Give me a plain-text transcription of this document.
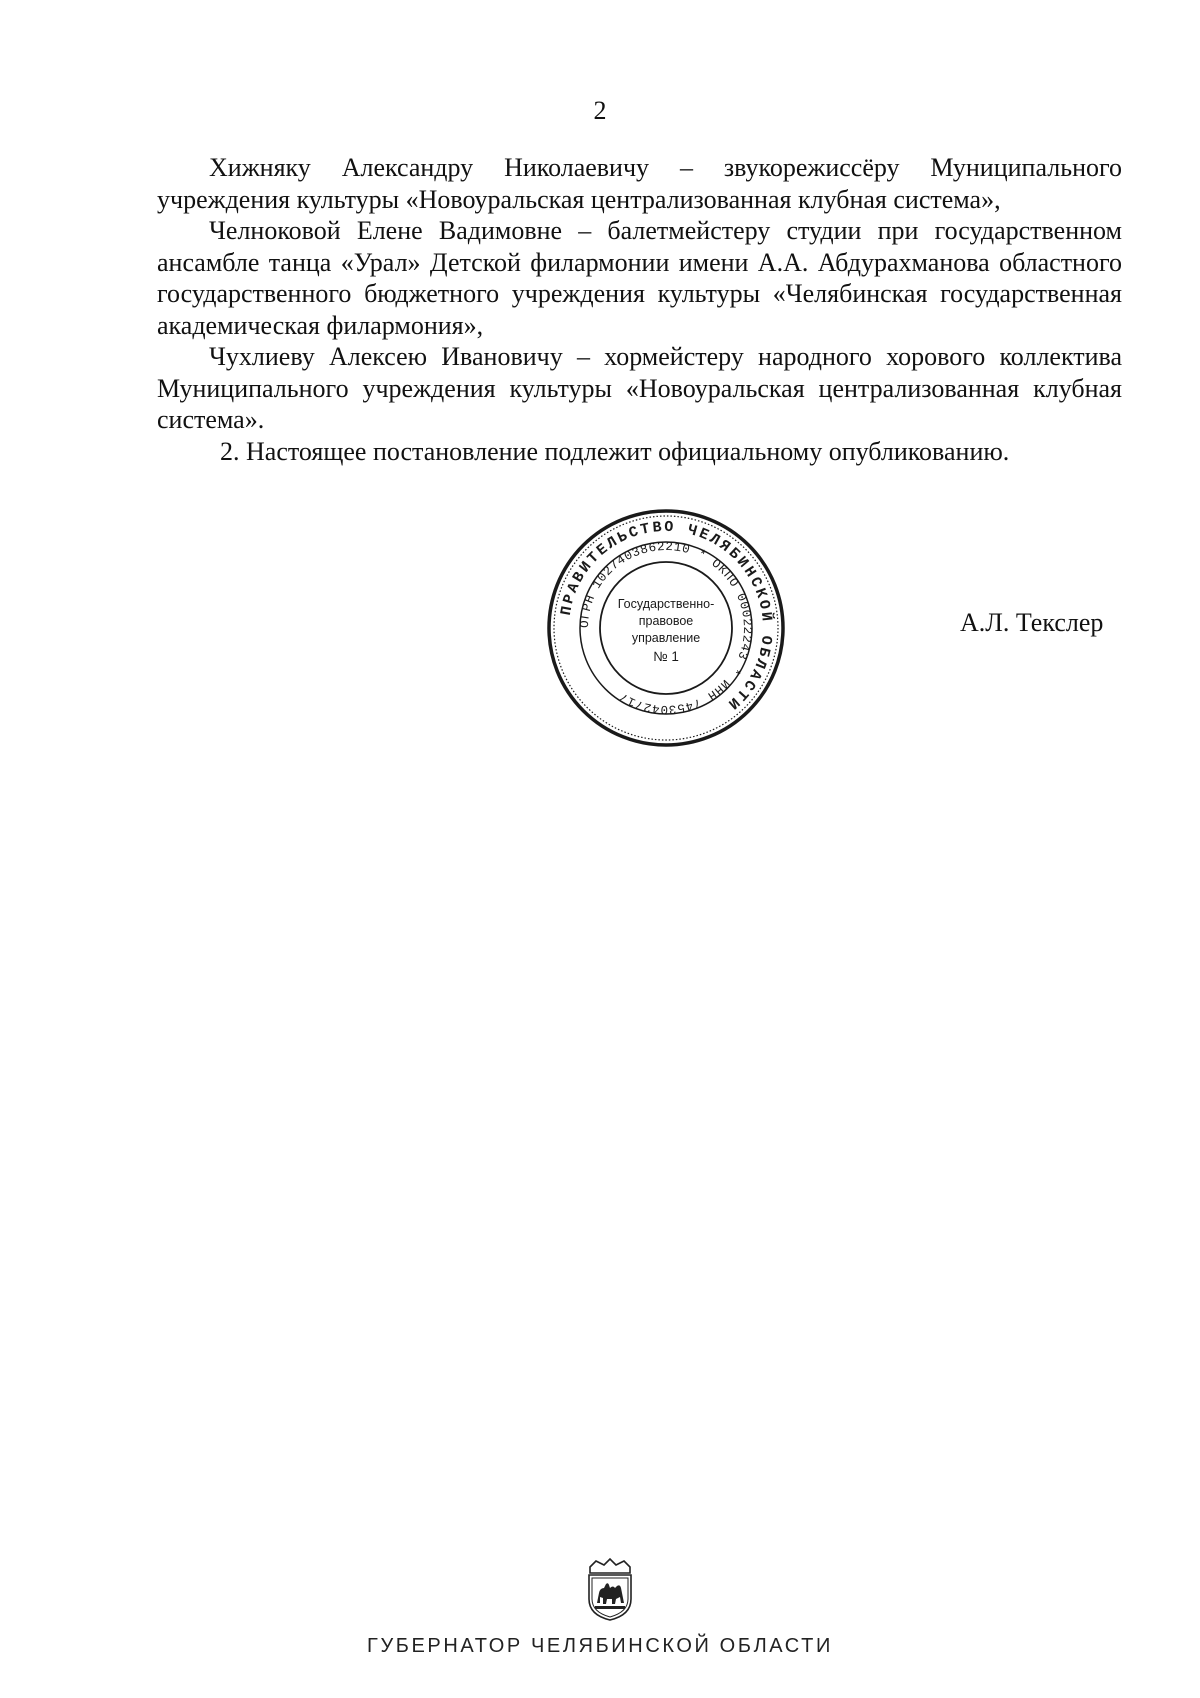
2

Хижняку Александру Николаевичу – звукорежиссёру Муниципального учреждения культуры «Новоуральская централизованная клубная система»,

Челноковой Елене Вадимовне – балетмейстеру студии при государственном ансамбле танца «Урал» Детской филармонии имени А.А. Абдурахманова областного государственного бюджетного учреждения культуры «Челябинская государственная академическая филармония»,

Чухлиеву Алексею Ивановичу – хормейстеру народного хорового коллектива Муниципального учреждения культуры «Новоуральская централизованная клубная система».

2. Настоящее постановление подлежит официальному опубликованию.

ПРАВИТЕЛЬСТВО ЧЕЛЯБИНСКОЙ ОБЛАСТИ
ОГРН 1027403862210 * ОКПО 00022243 * ИНН 7453042717
Государственно-
правовое
управление
№ 1
А.Л. Текслер
ГУБЕРНАТОР ЧЕЛЯБИНСКОЙ ОБЛАСТИ
